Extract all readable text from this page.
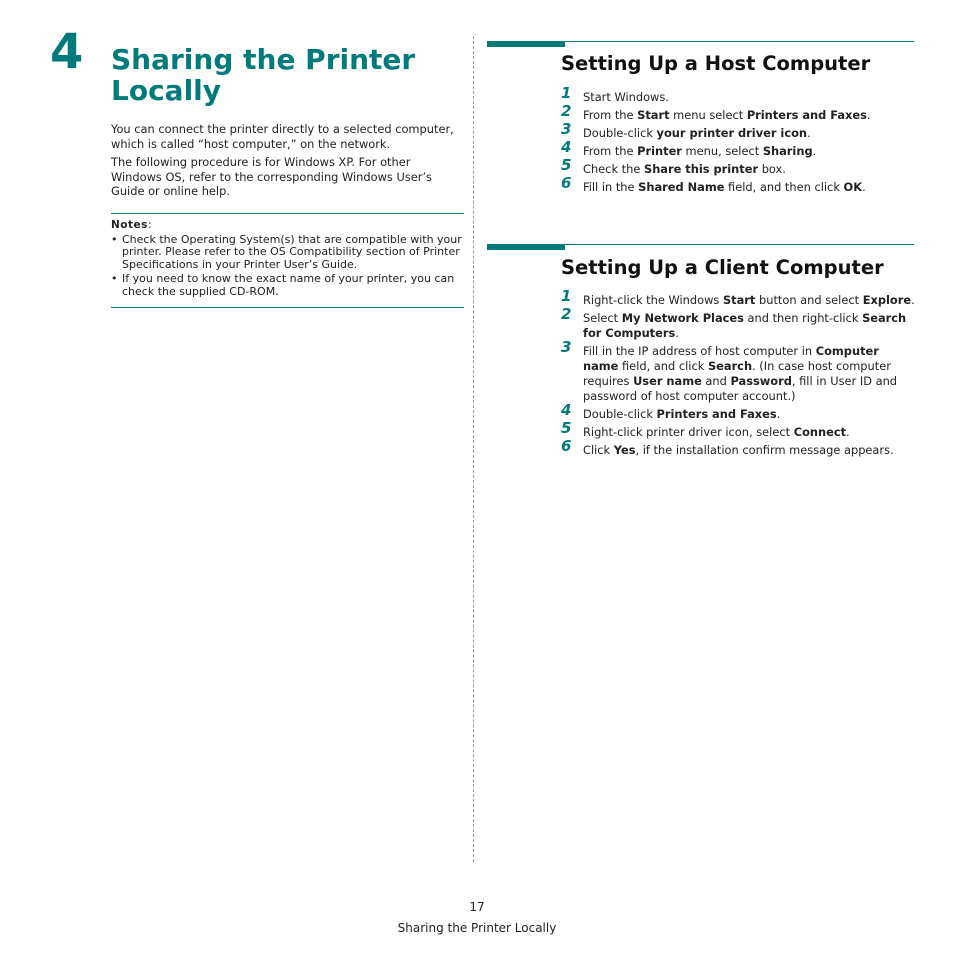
4 Sharing the Printer Locally

You can connect the printer directly to a selected computer, which is called “host computer,” on the network.

The following procedure is for Windows XP. For other Windows OS, refer to the corresponding Windows User’s Guide or online help.

Notes:
• Check the Operating System(s) that are compatible with your printer. Please refer to the OS Compatibility section of Printer Specifications in your Printer User’s Guide.
• If you need to know the exact name of your printer, you can check the supplied CD-ROM.
Setting Up a Host Computer
1 Start Windows.
2 From the Start menu select Printers and Faxes.
3 Double-click your printer driver icon.
4 From the Printer menu, select Sharing.
5 Check the Share this printer box.
6 Fill in the Shared Name field, and then click OK.
Setting Up a Client Computer
1 Right-click the Windows Start button and select Explore.
2 Select My Network Places and then right-click Search for Computers.
3 Fill in the IP address of host computer in Computer name field, and click Search. (In case host computer requires User name and Password, fill in User ID and password of host computer account.)
4 Double-click Printers and Faxes.
5 Right-click printer driver icon, select Connect.
6 Click Yes, if the installation confirm message appears.
17
Sharing the Printer Locally
